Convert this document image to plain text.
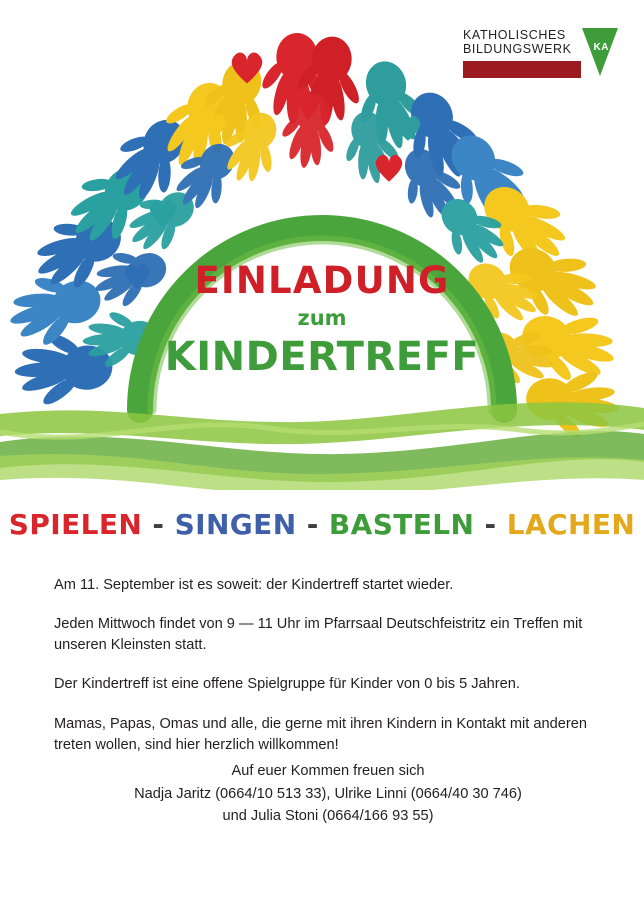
KATHOLISCHES
BILDUNGSWERK	KA
EINLADUNG
zum
KINDERTREFF
SPIELEN - SINGEN - BASTELN - LACHEN

Am 11. September ist es soweit: der Kindertreff startet wieder.

Jeden Mittwoch findet von 9 — 11 Uhr im Pfarrsaal Deutschfeistritz ein Treffen mit unseren Kleinsten statt.

Der Kindertreff ist eine offene Spielgruppe für Kinder von 0 bis 5 Jahren.

Mamas, Papas, Omas und alle, die gerne mit ihren Kindern in Kontakt mit anderen treten wollen, sind hier herzlich willkommen!

Auf euer Kommen freuen sich
Nadja Jaritz (0664/10 513 33), Ulrike Linni (0664/40 30 746)
und Julia Stoni (0664/166 93 55)
